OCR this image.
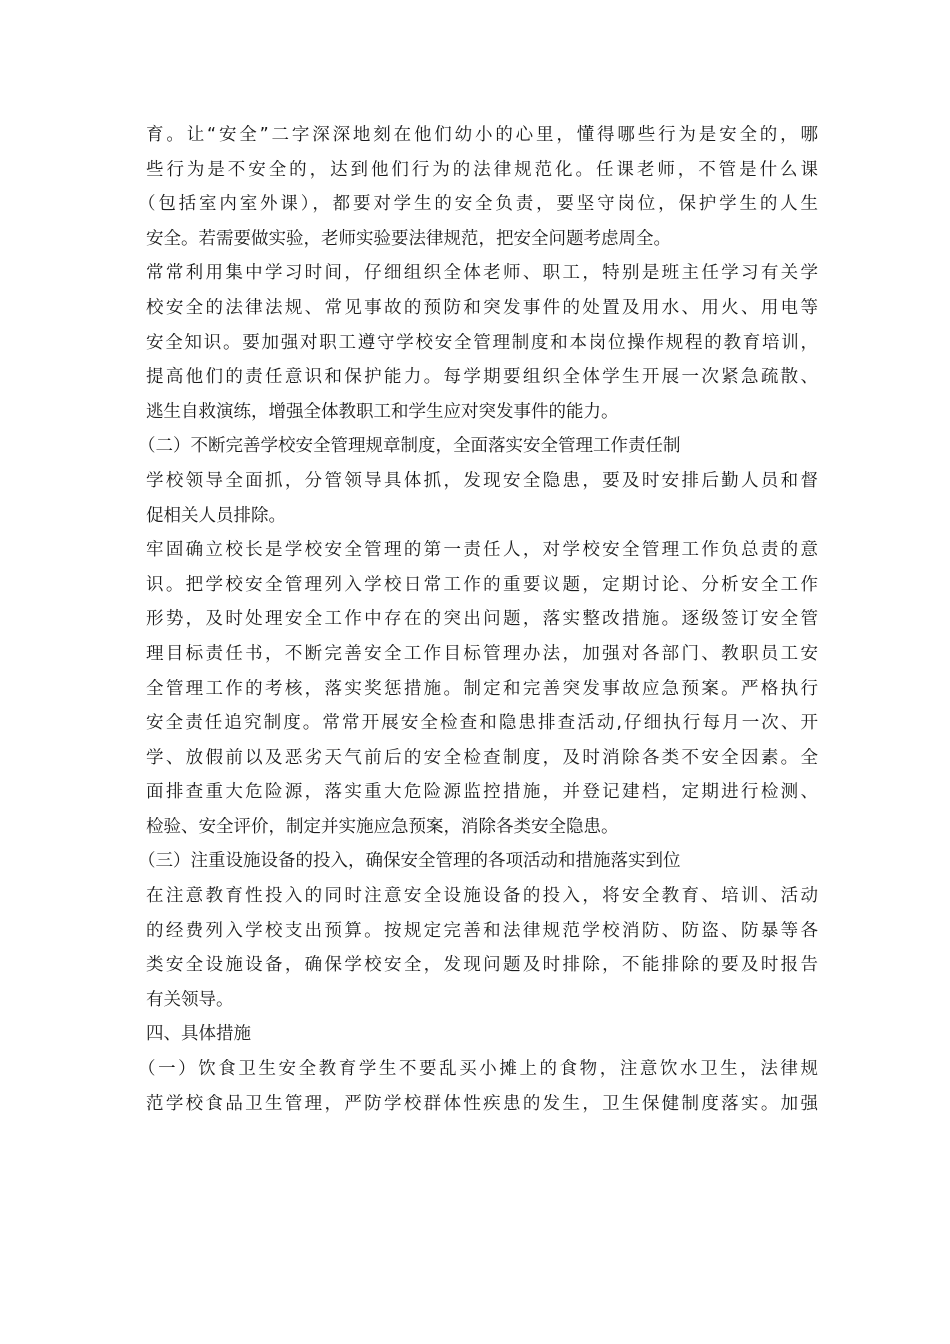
育。让“安全”二字深深地刻在他们幼小的心里，懂得哪些行为是安全的，哪
些行为是不安全的，达到他们行为的法律规范化。任课老师，不管是什么课
（包括室内室外课），都要对学生的安全负责，要坚守岗位，保护学生的人生
安全。若需要做实验，老师实验要法律规范，把安全问题考虑周全。
常常利用集中学习时间，仔细组织全体老师、职工，特别是班主任学习有关学
校安全的法律法规、常见事故的预防和突发事件的处置及用水、用火、用电等
安全知识。要加强对职工遵守学校安全管理制度和本岗位操作规程的教育培训，
提高他们的责任意识和保护能力。每学期要组织全体学生开展一次紧急疏散、
逃生自救演练，增强全体教职工和学生应对突发事件的能力。
（二）不断完善学校安全管理规章制度，全面落实安全管理工作责任制
学校领导全面抓，分管领导具体抓，发现安全隐患，要及时安排后勤人员和督
促相关人员排除。
牢固确立校长是学校安全管理的第一责任人，对学校安全管理工作负总责的意
识。把学校安全管理列入学校日常工作的重要议题，定期讨论、分析安全工作
形势，及时处理安全工作中存在的突出问题，落实整改措施。逐级签订安全管
理目标责任书，不断完善安全工作目标管理办法，加强对各部门、教职员工安
全管理工作的考核，落实奖惩措施。制定和完善突发事故应急预案。严格执行
安全责任追究制度。常常开展安全检查和隐患排查活动,仔细执行每月一次、开
学、放假前以及恶劣天气前后的安全检查制度，及时消除各类不安全因素。全
面排查重大危险源，落实重大危险源监控措施，并登记建档，定期进行检测、
检验、安全评价，制定并实施应急预案，消除各类安全隐患。
（三）注重设施设备的投入，确保安全管理的各项活动和措施落实到位
在注意教育性投入的同时注意安全设施设备的投入，将安全教育、培训、活动
的经费列入学校支出预算。按规定完善和法律规范学校消防、防盗、防暴等各
类安全设施设备，确保学校安全，发现问题及时排除，不能排除的要及时报告
有关领导。
四、具体措施
（一）饮食卫生安全教育学生不要乱买小摊上的食物，注意饮水卫生，法律规
范学校食品卫生管理，严防学校群体性疾患的发生，卫生保健制度落实。加强
